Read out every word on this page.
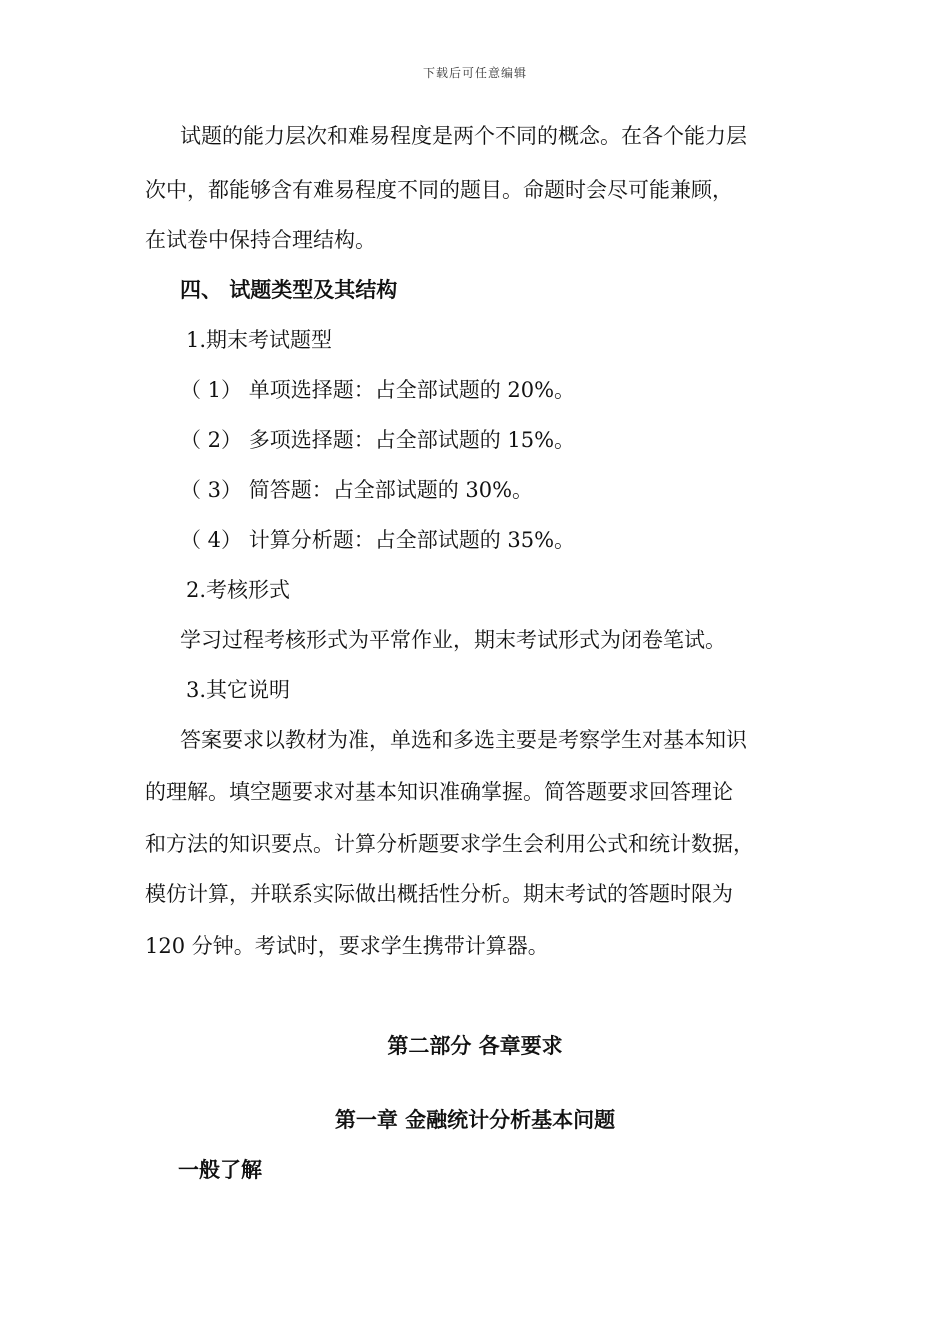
下载后可任意编辑
试题的能力层次和难易程度是两个不同的概念。在各个能力层
次中，都能够含有难易程度不同的题目。命题时会尽可能兼顾，
在试卷中保持合理结构。
四、 试题类型及其结构
1.期末考试题型
（ 1） 单项选择题：占全部试题的 20%。
（ 2） 多项选择题：占全部试题的 15%。
（ 3） 简答题：占全部试题的 30%。
（ 4） 计算分析题：占全部试题的 35%。
2.考核形式
学习过程考核形式为平常作业，期末考试形式为闭卷笔试。
3.其它说明
答案要求以教材为准，单选和多选主要是考察学生对基本知识
的理解。填空题要求对基本知识准确掌握。简答题要求回答理论
和方法的知识要点。计算分析题要求学生会利用公式和统计数据，
模仿计算，并联系实际做出概括性分析。期末考试的答题时限为
120 分钟。考试时，要求学生携带计算器。
第二部分 各章要求
第一章 金融统计分析基本问题
一般了解
